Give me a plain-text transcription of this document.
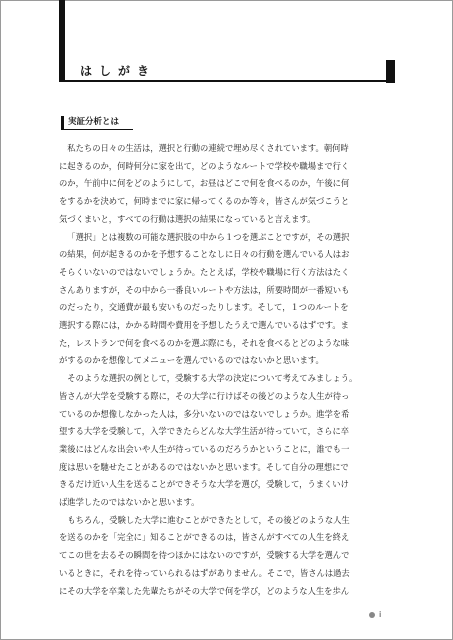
はしがき
実証分析とは

私たちの日々の生活は，選択と行動の連続で埋め尽くされています。朝何時
に起きるのか，何時何分に家を出て，どのようなルートで学校や職場まで行く
のか，午前中に何をどのようにして，お昼はどこで何を食べるのか，午後に何
をするかを決めて，何時までに家に帰ってくるのか等々，皆さんが気づこうと
気づくまいと，すべての行動は選択の結果になっていると言えます。

「選択」とは複数の可能な選択肢の中から１つを選ぶことですが，その選択
の結果，何が起きるのかを予想することなしに日々の行動を選んでいる人はお
そらくいないのではないでしょうか。たとえば，学校や職場に行く方法はたく
さんありますが，その中から一番良いルートや方法は，所要時間が一番短いも
のだったり，交通費が最も安いものだったりします。そして，１つのルートを
選択する際には，かかる時間や費用を予想したうえで選んでいるはずです。ま
た，レストランで何を食べるのかを選ぶ際にも，それを食べるとどのような味
がするのかを想像してメニューを選んでいるのではないかと思います。

そのような選択の例として，受験する大学の決定について考えてみましょう。
皆さんが大学を受験する際に，その大学に行けばその後どのような人生が待っ
ているのか想像しなかった人は，多分いないのではないでしょうか。進学を希
望する大学を受験して，入学できたらどんな大学生活が待っていて，さらに卒
業後にはどんな出会いや人生が待っているのだろうかということに，誰でも一
度は思いを馳せたことがあるのではないかと思います。そして自分の理想にで
きるだけ近い人生を送ることができそうな大学を選び，受験して，うまくいけ
ば進学したのではないかと思います。

もちろん，受験した大学に進むことができたとして，その後どのような人生
を送るのかを「完全に」知ることができるのは，皆さんがすべての人生を終え
てこの世を去るその瞬間を待つほかにはないのですが，受験する大学を選んで
いるときに，それを待っていられるはずがありません。そこで，皆さんは過去
にその大学を卒業した先輩たちがその大学で何を学び，どのような人生を歩ん

i
